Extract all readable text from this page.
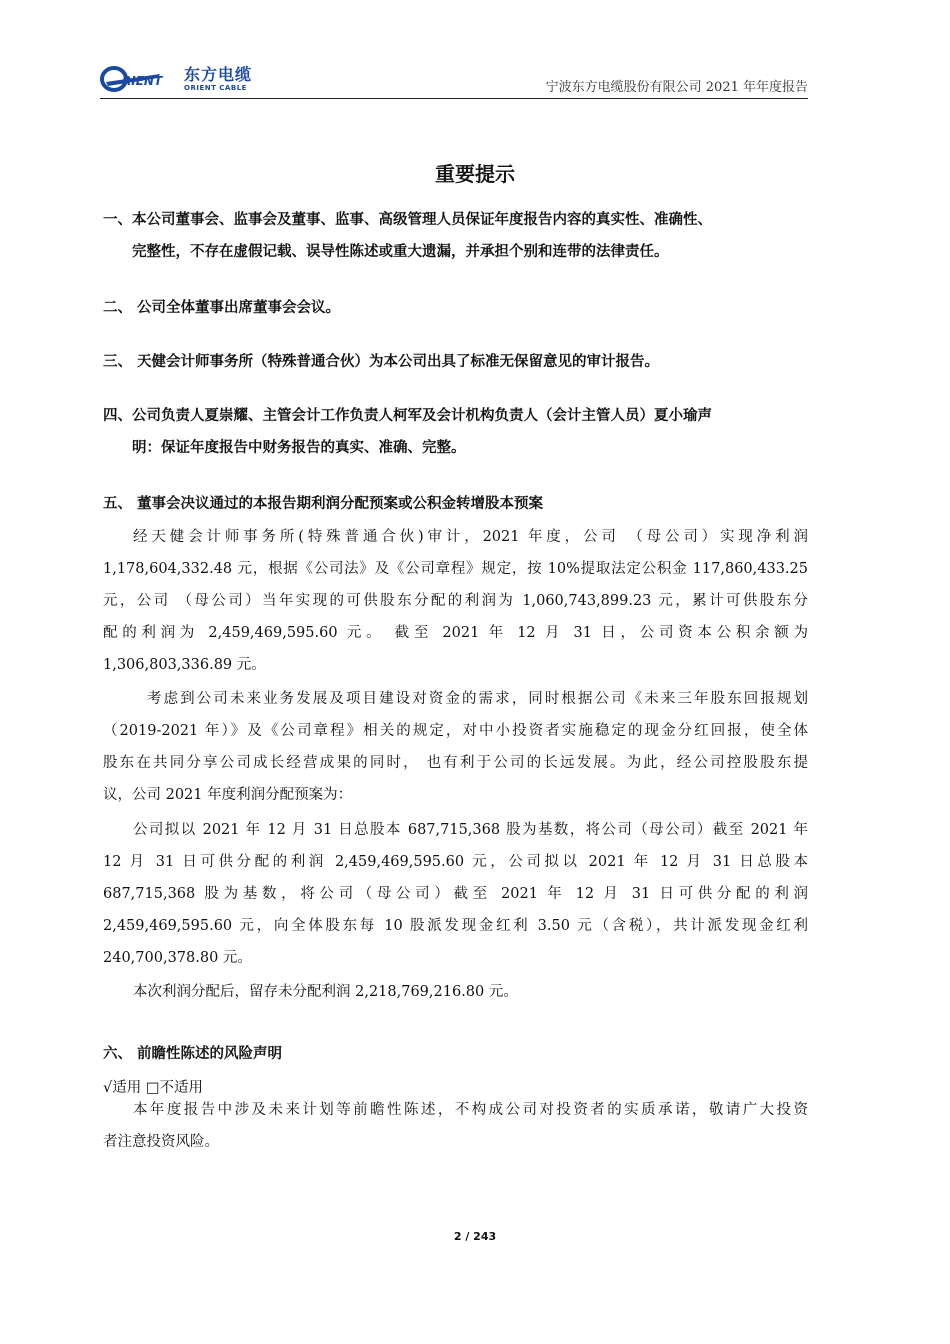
RIENT 东方电缆
ORIENT CABLE	宁波东方电缆股份有限公司 2021 年年度报告
重要提示
一、本公司董事会、监事会及董事、监事、高级管理人员保证年度报告内容的真实性、准确性、
完整性，不存在虚假记载、误导性陈述或重大遗漏，并承担个别和连带的法律责任。
二、 公司全体董事出席董事会会议。
三、 天健会计师事务所（特殊普通合伙）为本公司出具了标准无保留意见的审计报告。
四、公司负责人夏崇耀、主管会计工作负责人柯军及会计机构负责人（会计主管人员）夏小瑜声
明：保证年度报告中财务报告的真实、准确、完整。
五、 董事会决议通过的本报告期利润分配预案或公积金转增股本预案
经天健会计师事务所(特殊普通合伙)审计，2021 年度，公司 （母公司）实现净利润
1,178,604,332.48 元，根据《公司法》及《公司章程》规定，按 10%提取法定公积金 117,860,433.25
元，公司 （母公司）当年实现的可供股东分配的利润为 1,060,743,899.23 元，累计可供股东分
配的利润为 2,459,469,595.60 元。 截至 2021 年 12 月 31 日，公司资本公积余额为
1,306,803,336.89 元。
考虑到公司未来业务发展及项目建设对资金的需求，同时根据公司《未来三年股东回报规划
（2019-2021 年）》及《公司章程》相关的规定，对中小投资者实施稳定的现金分红回报，使全体
股东在共同分享公司成长经营成果的同时， 也有利于公司的长远发展。为此，经公司控股股东提
议，公司 2021 年度利润分配预案为：
公司拟以 2021 年 12 月 31 日总股本 687,715,368 股为基数，将公司（母公司）截至 2021 年
12 月 31 日可供分配的利润 2,459,469,595.60 元，公司拟以 2021 年 12 月 31 日总股本
687,715,368 股为基数，将公司（母公司）截至 2021 年 12 月 31 日可供分配的利润
2,459,469,595.60 元，向全体股东每 10 股派发现金红利 3.50 元（含税），共计派发现金红利
240,700,378.80 元。
本次利润分配后，留存未分配利润 2,218,769,216.80 元。
六、 前瞻性陈述的风险声明
√适用 □不适用
本年度报告中涉及未来计划等前瞻性陈述，不构成公司对投资者的实质承诺，敬请广大投资
者注意投资风险。
2 / 243
